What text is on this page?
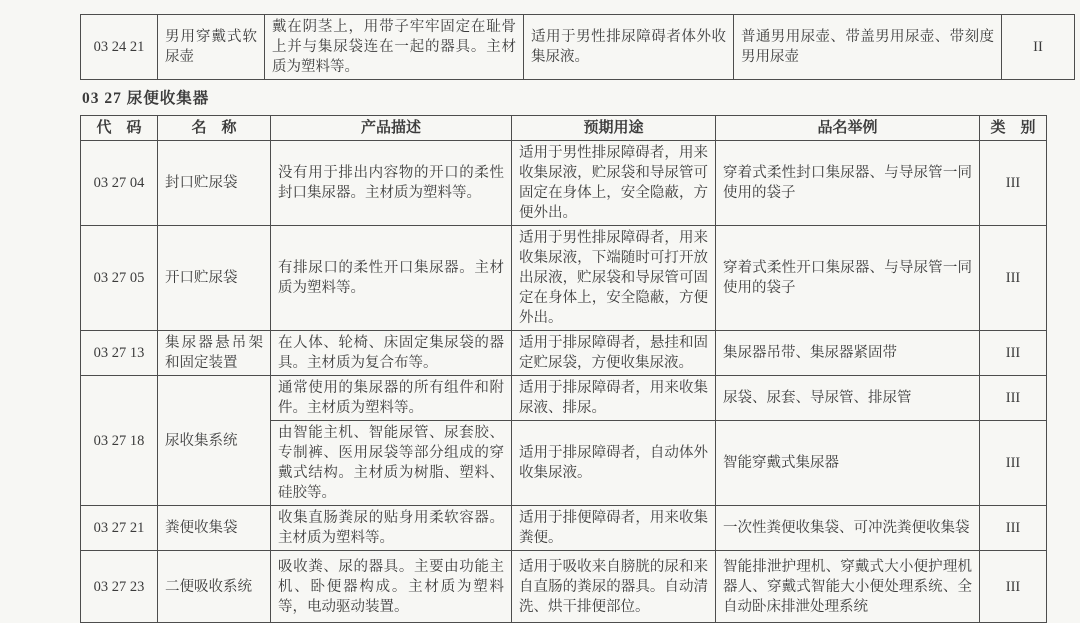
03 24 21	男用穿戴式软尿壶	戴在阴茎上，用带子牢牢固定在耻骨上并与集尿袋连在一起的器具。主材质为塑料等。	适用于男性排尿障碍者体外收集尿液。	普通男用尿壶、带盖男用尿壶、带刻度男用尿壶	II
03 27 尿便收集器
代　码	名　称	产品描述	预期用途	品名举例	类　别
03 27 04	封口贮尿袋	没有用于排出内容物的开口的柔性封口集尿器。主材质为塑料等。	适用于男性排尿障碍者，用来收集尿液，贮尿袋和导尿管可固定在身体上，安全隐蔽，方便外出。	穿着式柔性封口集尿器、与导尿管一同使用的袋子	III
03 27 05	开口贮尿袋	有排尿口的柔性开口集尿器。主材质为塑料等。	适用于男性排尿障碍者，用来收集尿液，下端随时可打开放出尿液，贮尿袋和导尿管可固定在身体上，安全隐蔽，方便外出。	穿着式柔性开口集尿器、与导尿管一同使用的袋子	III
03 27 13	集尿器悬吊架和固定装置	在人体、轮椅、床固定集尿袋的器具。主材质为复合布等。	适用于排尿障碍者，悬挂和固定贮尿袋，方便收集尿液。	集尿器吊带、集尿器紧固带	III
03 27 18	尿收集系统	通常使用的集尿器的所有组件和附件。主材质为塑料等。	适用于排尿障碍者，用来收集尿液、排尿。	尿袋、尿套、导尿管、排尿管	III
		由智能主机、智能尿管、尿套胶、专制裤、医用尿袋等部分组成的穿戴式结构。主材质为树脂、塑料、硅胶等。	适用于排尿障碍者，自动体外收集尿液。	智能穿戴式集尿器	III
03 27 21	粪便收集袋	收集直肠粪尿的贴身用柔软容器。主材质为塑料等。	适用于排便障碍者，用来收集粪便。	一次性粪便收集袋、可冲洗粪便收集袋	III
03 27 23	二便吸收系统	吸收粪、尿的器具。主要由功能主机、卧便器构成。主材质为塑料等，电动驱动装置。	适用于吸收来自膀胱的尿和来自直肠的粪尿的器具。自动清洗、烘干排便部位。	智能排泄护理机、穿戴式大小便护理机器人、穿戴式智能大小便处理系统、全自动卧床排泄处理系统	III
